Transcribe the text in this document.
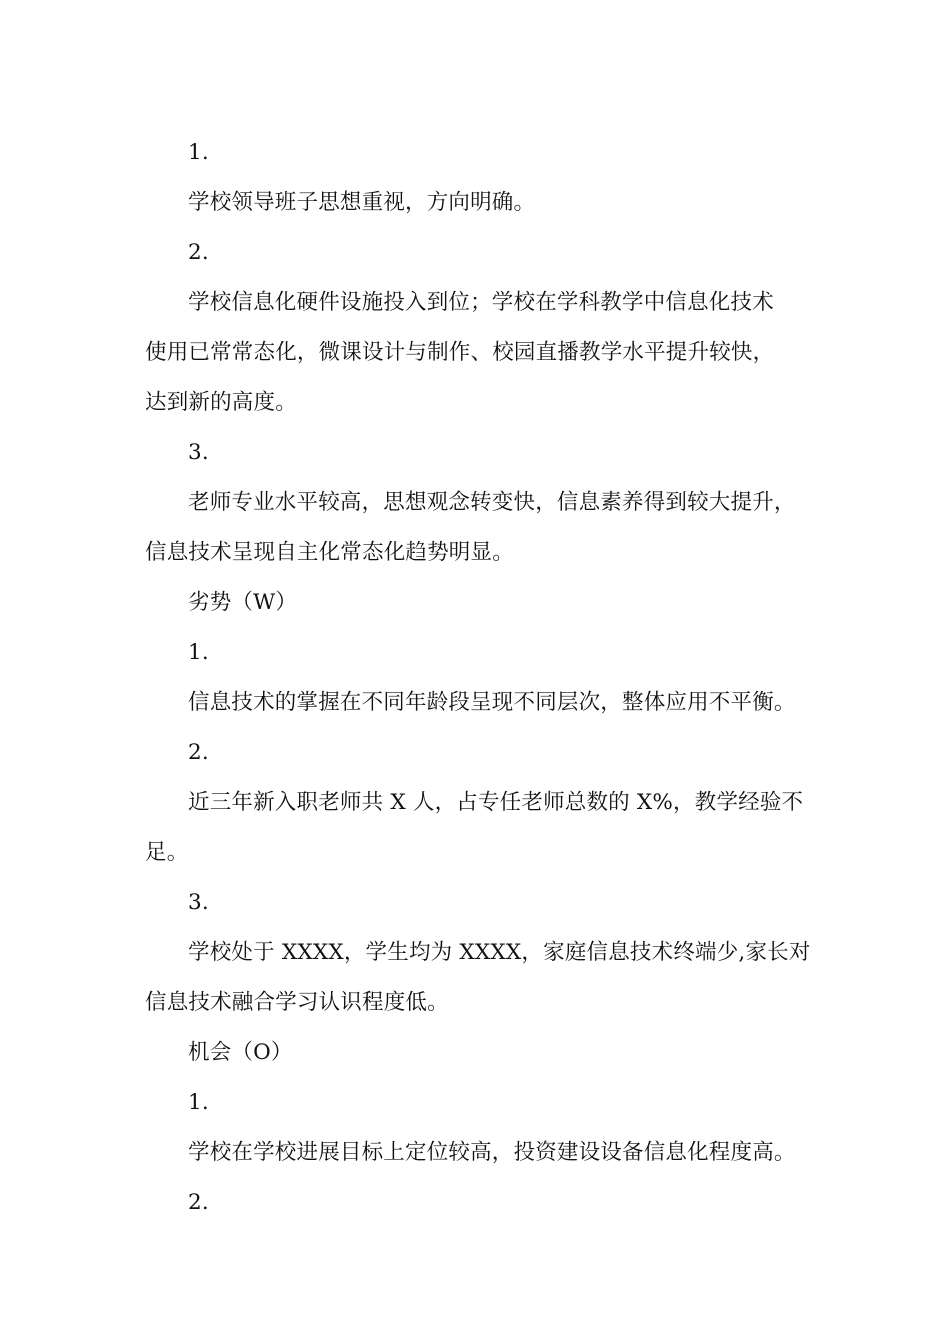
1.
学校领导班子思想重视，方向明确。
2.
学校信息化硬件设施投入到位；学校在学科教学中信息化技术
使用已常常态化，微课设计与制作、校园直播教学水平提升较快，
达到新的高度。
3.
老师专业水平较高，思想观念转变快，信息素养得到较大提升，
信息技术呈现自主化常态化趋势明显。
劣势（W）
1.
信息技术的掌握在不同年龄段呈现不同层次，整体应用不平衡。
2.
近三年新入职老师共 X 人，占专任老师总数的 X%，教学经验不
足。
3.
学校处于 XXXX，学生均为 XXXX，家庭信息技术终端少,家长对
信息技术融合学习认识程度低。
机会（O）
1.
学校在学校进展目标上定位较高，投资建设设备信息化程度高。
2.
